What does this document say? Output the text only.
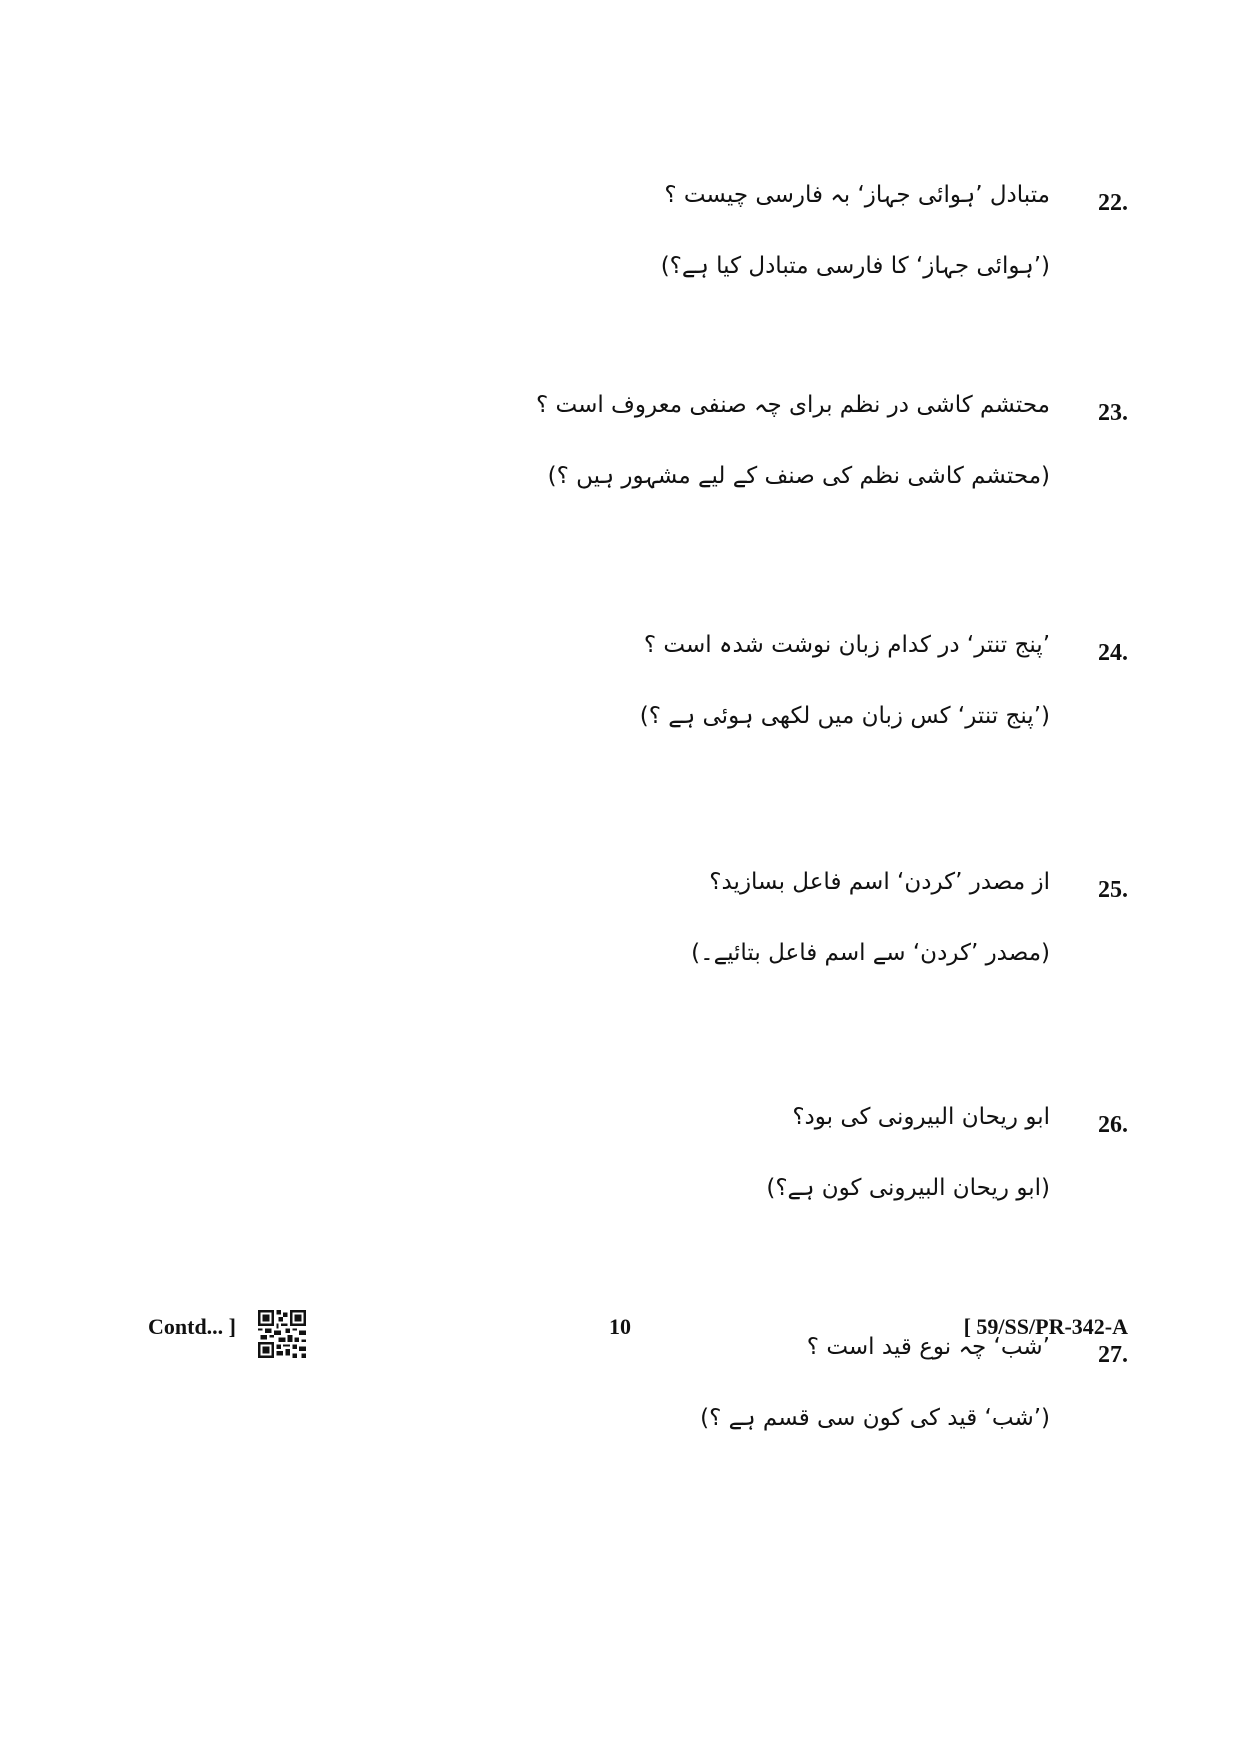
22.
متبادل ’ہوائی جہاز‘ بہ فارسی چیست ؟
(’ہوائی جہاز‘ کا فارسی متبادل کیا ہے؟)
23.
محتشم کاشی در نظم برای چہ صنفی معروف است ؟
(محتشم کاشی نظم کی صنف کے لیے مشہور ہیں ؟)
24.
’پنج تنتر‘ در کدام زبان نوشت شدہ است ؟
(’پنج تنتر‘ کس زبان میں لکھی ہوئی ہے ؟)
25.
از مصدر ’کردن‘ اسم فاعل بسازید؟
(مصدر ’کردن‘ سے اسم فاعل بتائیے۔)
26.
ابو ریحان البیرونی کی بود؟
(ابو ریحان البیرونی کون ہے؟)
27.
’شب‘ چہ نوع قید است ؟
(’شب‘ قید کی کون سی قسم ہے ؟)
Contd... ]	10	[ 59/SS/PR-342-A
